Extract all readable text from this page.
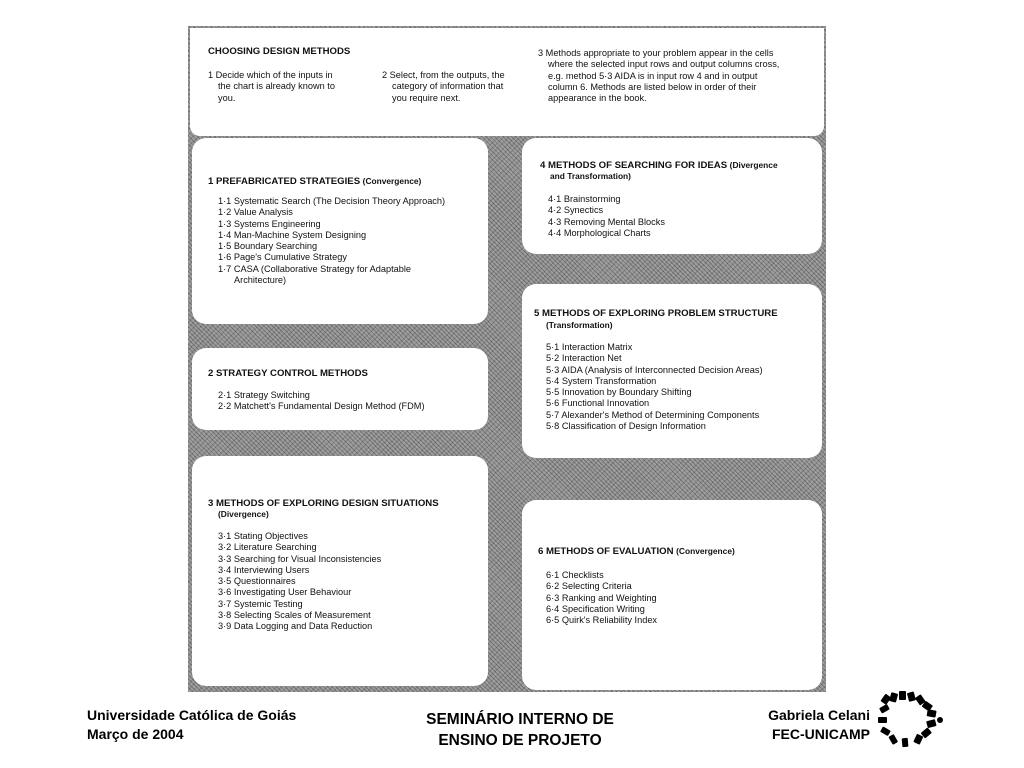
CHOOSING DESIGN METHODS
1 Decide which of the inputs in
the chart is already known to
you.
2 Select, from the outputs, the
category of information that
you require next.
3 Methods appropriate to your problem appear in the cells
where the selected input rows and output columns cross,
e.g. method 5·3 AIDA is in input row 4 and in output
column 6. Methods are listed below in order of their
appearance in the book.
1 PREFABRICATED STRATEGIES (Convergence)
1·1 Systematic Search (The Decision Theory Approach)
1·2 Value Analysis
1·3 Systems Engineering
1·4 Man-Machine System Designing
1·5 Boundary Searching
1·6 Page's Cumulative Strategy
1·7 CASA (Collaborative Strategy for Adaptable
Architecture)
2 STRATEGY CONTROL METHODS
2·1 Strategy Switching
2·2 Matchett's Fundamental Design Method (FDM)
3 METHODS OF EXPLORING DESIGN SITUATIONS
(Divergence)
3·1 Stating Objectives
3·2 Literature Searching
3·3 Searching for Visual Inconsistencies
3·4 Interviewing Users
3·5 Questionnaires
3·6 Investigating User Behaviour
3·7 Systemic Testing
3·8 Selecting Scales of Measurement
3·9 Data Logging and Data Reduction
4 METHODS OF SEARCHING FOR IDEAS (Divergence
and Transformation)
4·1 Brainstorming
4·2 Synectics
4·3 Removing Mental Blocks
4·4 Morphological Charts
5 METHODS OF EXPLORING PROBLEM STRUCTURE
(Transformation)
5·1 Interaction Matrix
5·2 Interaction Net
5·3 AIDA (Analysis of Interconnected Decision Areas)
5·4 System Transformation
5·5 Innovation by Boundary Shifting
5·6 Functional Innovation
5·7 Alexander's Method of Determining Components
5·8 Classification of Design Information
6 METHODS OF EVALUATION (Convergence)
6·1 Checklists
6·2 Selecting Criteria
6·3 Ranking and Weighting
6·4 Specification Writing
6·5 Quirk's Reliability Index
Universidade Católica de Goiás
Março de 2004
SEMINÁRIO INTERNO DE
ENSINO DE PROJETO
Gabriela Celani
FEC-UNICAMP
